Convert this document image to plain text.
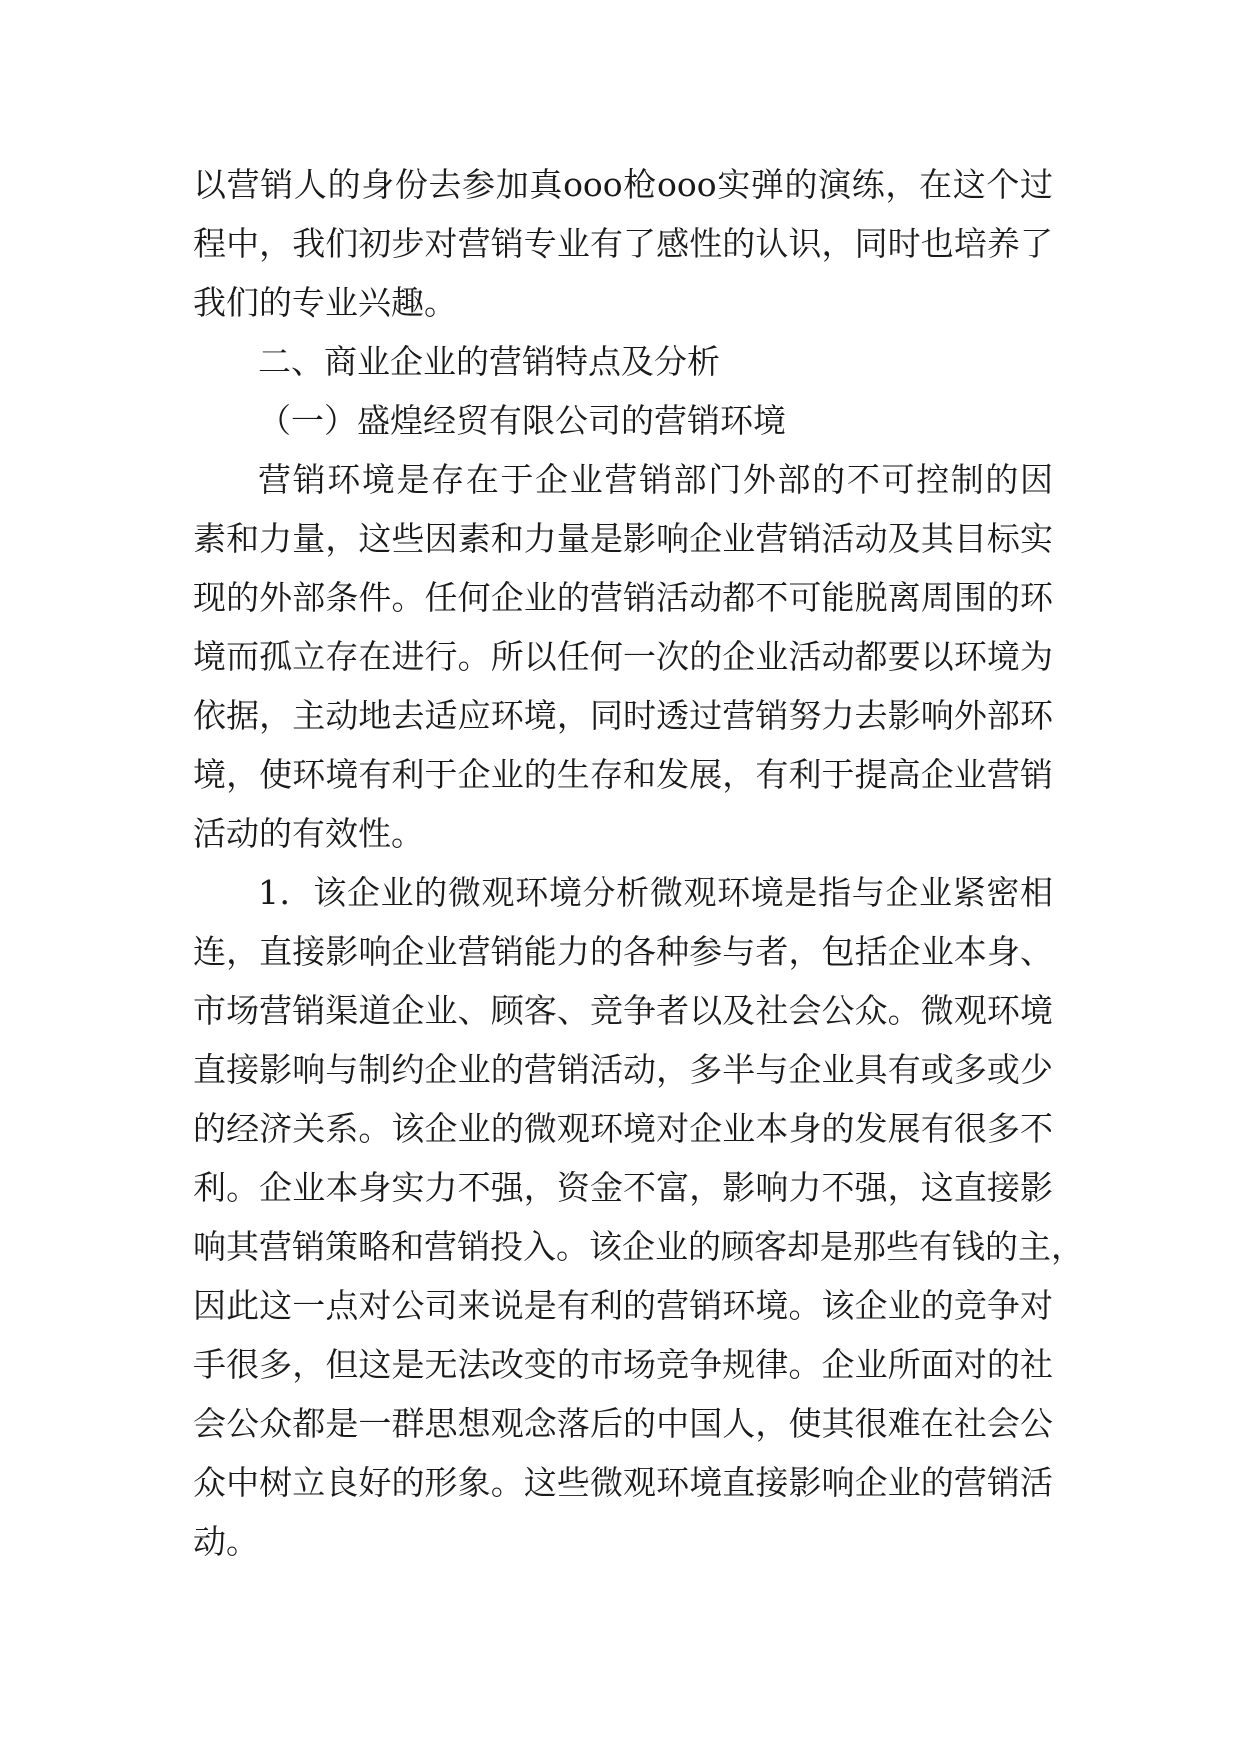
以营销人的身份去参加真ooo枪ooo实弹的演练，在这个过
程中，我们初步对营销专业有了感性的认识，同时也培养了
我们的专业兴趣。
二、商业企业的营销特点及分析
（一）盛煌经贸有限公司的营销环境
营销环境是存在于企业营销部门外部的不可控制的因
素和力量，这些因素和力量是影响企业营销活动及其目标实
现的外部条件。任何企业的营销活动都不可能脱离周围的环
境而孤立存在进行。所以任何一次的企业活动都要以环境为
依据，主动地去适应环境，同时透过营销努力去影响外部环
境，使环境有利于企业的生存和发展，有利于提高企业营销
活动的有效性。
1．该企业的微观环境分析微观环境是指与企业紧密相
连，直接影响企业营销能力的各种参与者，包括企业本身、
市场营销渠道企业、顾客、竞争者以及社会公众。微观环境
直接影响与制约企业的营销活动，多半与企业具有或多或少
的经济关系。该企业的微观环境对企业本身的发展有很多不
利。企业本身实力不强，资金不富，影响力不强，这直接影
响其营销策略和营销投入。该企业的顾客却是那些有钱的主，
因此这一点对公司来说是有利的营销环境。该企业的竞争对
手很多，但这是无法改变的市场竞争规律。企业所面对的社
会公众都是一群思想观念落后的中国人，使其很难在社会公
众中树立良好的形象。这些微观环境直接影响企业的营销活
动。
